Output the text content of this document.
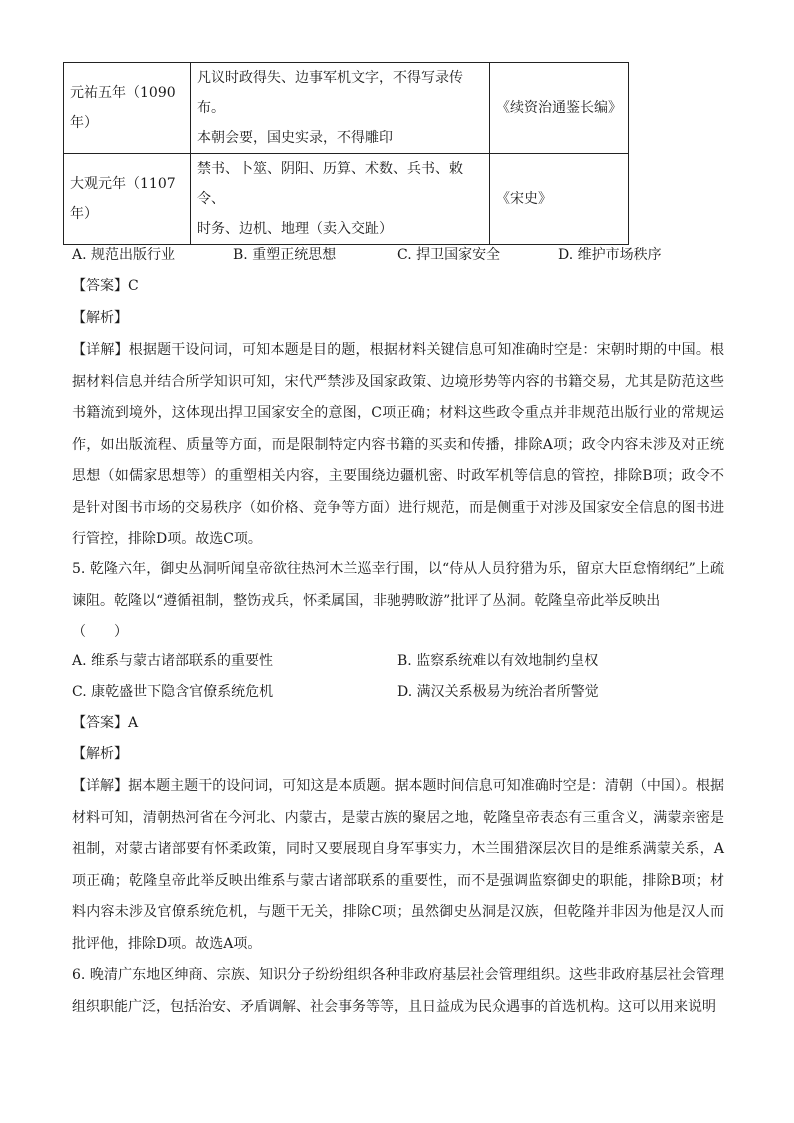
元祐五年（1090年）	凡议时政得失、边事军机文字，不得写录传布。
本朝会要，国史实录，不得雕印	《续资治通鉴长编》
大观元年（1107年）	禁书、卜筮、阴阳、历算、术数、兵书、敕令、
时务、边机、地理（卖入交趾）	《宋史》
A. 规范出版行业	B. 重塑正统思想	C. 捍卫国家安全	D. 维护市场秩序
【答案】C
【解析】
【详解】根据题干设问词，可知本题是目的题，根据材料关键信息可知准确时空是：宋朝时期的中国。根据材料信息并结合所学知识可知，宋代严禁涉及国家政策、边境形势等内容的书籍交易，尤其是防范这些书籍流到境外，这体现出捍卫国家安全的意图，C项正确；材料这些政令重点并非规范出版行业的常规运作，如出版流程、质量等方面，而是限制特定内容书籍的买卖和传播，排除A项；政令内容未涉及对正统思想（如儒家思想等）的重塑相关内容，主要围绕边疆机密、时政军机等信息的管控，排除B项；政令不是针对图书市场的交易秩序（如价格、竞争等方面）进行规范，而是侧重于对涉及国家安全信息的图书进行管控，排除D项。故选C项。
5. 乾隆六年，御史丛洞听闻皇帝欲往热河木兰巡幸行围，以“侍从人员狩猎为乐，留京大臣怠惰纲纪”上疏谏阻。乾隆以“遵循祖制，整饬戎兵，怀柔属国，非驰骋畋游”批评了丛洞。乾隆皇帝此举反映出
（　　）
A. 维系与蒙古诸部联系的重要性	B. 监察系统难以有效地制约皇权
C. 康乾盛世下隐含官僚系统危机	D. 满汉关系极易为统治者所警觉
【答案】A
【解析】
【详解】据本题主题干的设问词，可知这是本质题。据本题时间信息可知准确时空是：清朝（中国）。根据材料可知，清朝热河省在今河北、内蒙古，是蒙古族的聚居之地，乾隆皇帝表态有三重含义，满蒙亲密是祖制，对蒙古诸部要有怀柔政策，同时又要展现自身军事实力，木兰围猎深层次目的是维系满蒙关系，A项正确；乾隆皇帝此举反映出维系与蒙古诸部联系的重要性，而不是强调监察御史的职能，排除B项；材料内容未涉及官僚系统危机，与题干无关，排除C项；虽然御史丛洞是汉族，但乾隆并非因为他是汉人而批评他，排除D项。故选A项。
6. 晚清广东地区绅商、宗族、知识分子纷纷组织各种非政府基层社会管理组织。这些非政府基层社会管理组织职能广泛，包括治安、矛盾调解、社会事务等等，且日益成为民众遇事的首选机构。这可以用来说明
